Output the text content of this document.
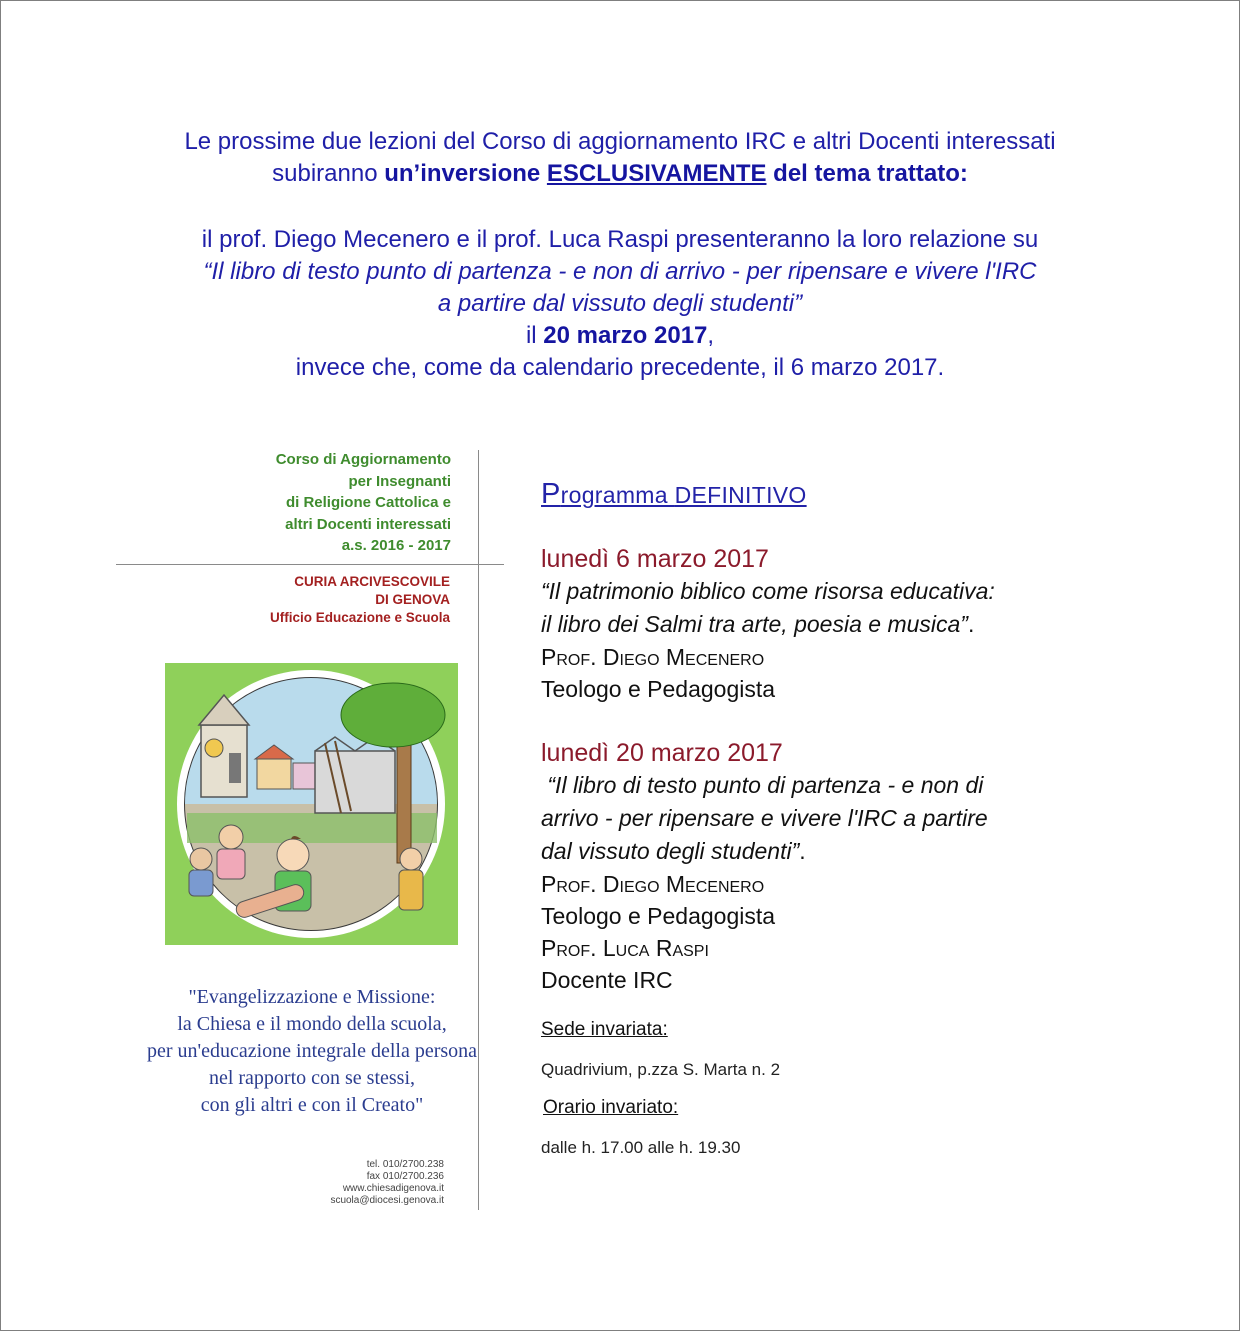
Le prossime due lezioni del Corso di aggiornamento IRC e altri Docenti interessati

subiranno un’inversione ESCLUSIVAMENTE del tema trattato:

il prof. Diego Mecenero e il prof. Luca Raspi presenteranno la loro relazione su

“Il libro di testo punto di partenza - e non di arrivo - per ripensare e vivere l'IRC

a partire dal vissuto degli studenti”

il 20 marzo 2017,

invece che, come da calendario precedente, il 6 marzo 2017.

Corso di Aggiornamento
per Insegnanti
di Religione Cattolica e
altri Docenti interessati
a.s. 2016 - 2017
CURIA ARCIVESCOVILE
DI GENOVA
Ufficio Educazione e Scuola
"Evangelizzazione e Missione:
la Chiesa e il mondo della scuola,
per un'educazione integrale della persona
nel rapporto con se stessi,
con gli altri e con il Creato"
tel. 010/2700.238
fax 010/2700.236
www.chiesadigenova.it
scuola@diocesi.genova.it
Programma DEFINITIVO
lunedì 6 marzo 2017
“Il patrimonio biblico come risorsa educativa:
il libro dei Salmi tra arte, poesia e musica”.
Prof. Diego Mecenero
Teologo e Pedagogista
lunedì 20 marzo 2017
“Il libro di testo punto di partenza - e non di
arrivo - per ripensare e vivere l'IRC a partire
dal vissuto degli studenti”.
Prof. Diego Mecenero
Teologo e Pedagogista
Prof. Luca Raspi
Docente IRC
Sede invariata:
Quadrivium, p.zza S. Marta n. 2
Orario invariato:
dalle h. 17.00 alle h. 19.30
